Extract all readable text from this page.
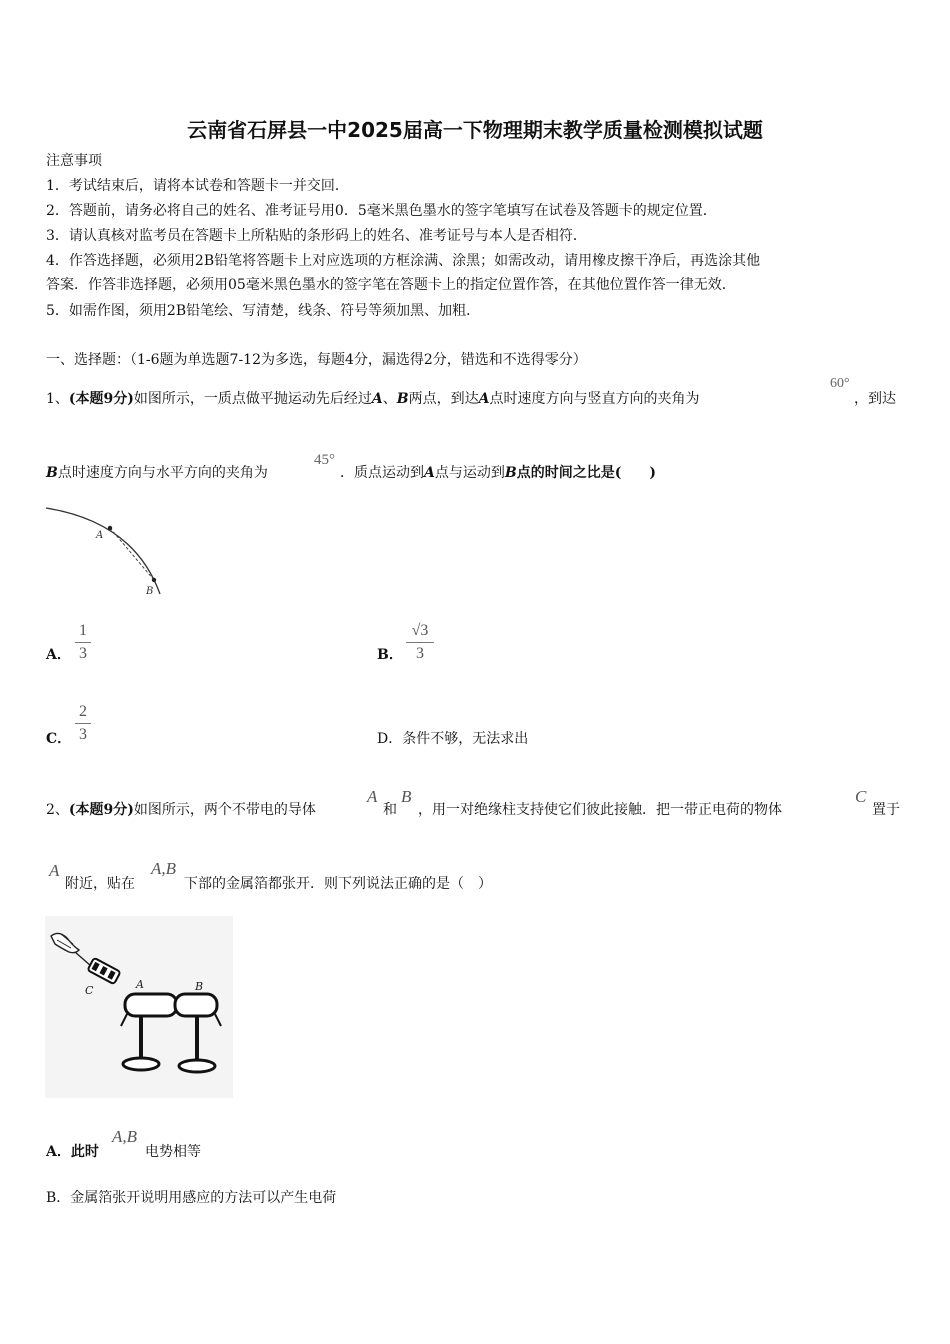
云南省石屏县一中2025届高一下物理期末教学质量检测模拟试题
注意事项
1．考试结束后，请将本试卷和答题卡一并交回．
2．答题前，请务必将自己的姓名、准考证号用0．5毫米黑色墨水的签字笔填写在试卷及答题卡的规定位置．
3．请认真核对监考员在答题卡上所粘贴的条形码上的姓名、准考证号与本人是否相符．
4．作答选择题，必须用2B铅笔将答题卡上对应选项的方框涂满、涂黑；如需改动，请用橡皮擦干净后，再选涂其他
答案．作答非选择题，必须用05毫米黑色墨水的签字笔在答题卡上的指定位置作答，在其他位置作答一律无效．
5．如需作图，须用2B铅笔绘、写清楚，线条、符号等须加黑、加粗．
一、选择题：（1-6题为单选题7-12为多选，每题4分，漏选得2分，错选和不选得零分）
1、(本题9分)如图所示，一质点做平抛运动先后经过A、B两点，到达A点时速度方向与竖直方向的夹角为
60°
，到达
B点时速度方向与水平方向的夹角为
45°
．质点运动到A点与运动到B点的时间之比是(　　)
A
B
A．
1
3	B．
√3
3
C．
2
3	D．条件不够，无法求出
2、(本题9分)如图所示，两个不带电的导体
A
和
B
，用一对绝缘柱支持使它们彼此接触．把一带正电荷的物体
C
置于
A
附近，贴在
A,B
下部的金属箔都张开．则下列说法正确的是（　）
C	A	B
A．此时
A,B
电势相等
B．金属箔张开说明用感应的方法可以产生电荷
